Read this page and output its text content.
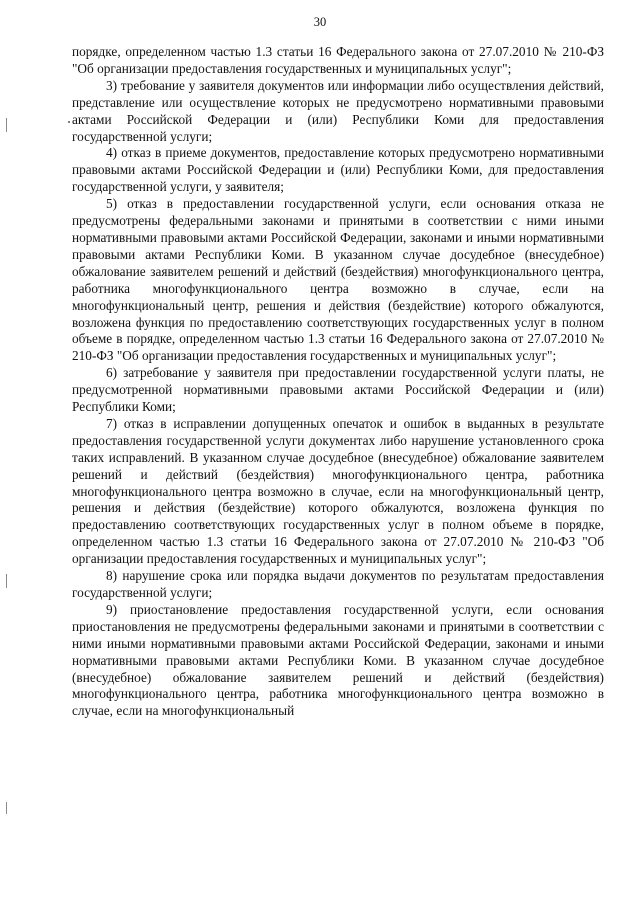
30

порядке, определенном частью 1.3 статьи 16 Федерального закона от 27.07.2010 № 210-ФЗ "Об организации предоставления государственных и муниципальных услуг";

3) требование у заявителя документов или информации либо осуществления действий, представление или осуществление которых не предусмотрено нормативными правовыми актами Российской Федерации и (или) Республики Коми для предоставления государственной услуги;

4) отказ в приеме документов, предоставление которых предусмотрено нормативными правовыми актами Российской Федерации и (или) Республики Коми, для предоставления государственной услуги, у заявителя;

5) отказ в предоставлении государственной услуги, если основания отказа не предусмотрены федеральными законами и принятыми в соответствии с ними иными нормативными правовыми актами Российской Федерации, законами и иными нормативными правовыми актами Республики Коми. В указанном случае досудебное (внесудебное) обжалование заявителем решений и действий (бездействия) многофункционального центра, работника многофункционального центра возможно в случае, если на многофункциональный центр, решения и действия (бездействие) которого обжалуются, возложена функция по предоставлению соответствующих государственных услуг в полном объеме в порядке, определенном частью 1.3 статьи 16 Федерального закона от 27.07.2010 № 210-ФЗ "Об организации предоставления государственных и муниципальных услуг";

6) затребование у заявителя при предоставлении государственной услуги платы, не предусмотренной нормативными правовыми актами Российской Федерации и (или) Республики Коми;

7) отказ в исправлении допущенных опечаток и ошибок в выданных в результате предоставления государственной услуги документах либо нарушение установленного срока таких исправлений. В указанном случае досудебное (внесудебное) обжалование заявителем решений и действий (бездействия) многофункционального центра, работника многофункционального центра возможно в случае, если на многофункциональный центр, решения и действия (бездействие) которого обжалуются, возложена функция по предоставлению соответствующих государственных услуг в полном объеме в порядке, определенном частью 1.3 статьи 16 Федерального закона от 27.07.2010 № 210-ФЗ "Об организации предоставления государственных и муниципальных услуг";

8) нарушение срока или порядка выдачи документов по результатам предоставления государственной услуги;

9) приостановление предоставления государственной услуги, если основания приостановления не предусмотрены федеральными законами и принятыми в соответствии с ними иными нормативными правовыми актами Российской Федерации, законами и иными нормативными правовыми актами Республики Коми. В указанном случае досудебное (внесудебное) обжалование заявителем решений и действий (бездействия) многофункционального центра, работника многофункционального центра возможно в случае, если на многофункциональный
